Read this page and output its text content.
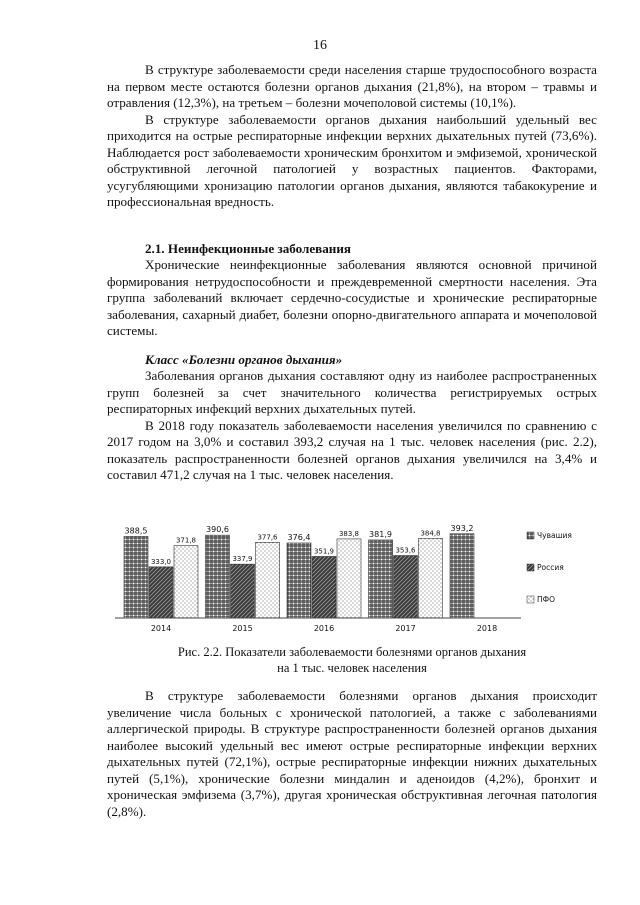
16

В структуре заболеваемости среди населения старше трудоспособного возраста на первом месте остаются болезни органов дыхания (21,8%), на втором – травмы и отравления (12,3%), на третьем – болезни мочеполовой системы (10,1%).

В структуре заболеваемости органов дыхания наибольший удельный вес приходится на острые респираторные инфекции верхних дыхательных путей (73,6%). Наблюдается рост заболеваемости хроническим бронхитом и эмфиземой, хронической обструктивной легочной патологией у возрастных пациентов. Факторами, усугубляющими хронизацию патологии органов дыхания, являются табакокурение и профессиональная вредность.

2.1. Неинфекционные заболевания

Хронические неинфекционные заболевания являются основной причиной формирования нетрудоспособности и преждевременной смертности населения. Эта группа заболеваний включает сердечно-сосудистые и хронические респираторные заболевания, сахарный диабет, болезни опорно-двигательного аппарата и мочеполовой системы.

Класс «Болезни органов дыхания»

Заболевания органов дыхания составляют одну из наиболее распространенных групп болезней за счет значительного количества регистрируемых острых респираторных инфекций верхних дыхательных путей.

В 2018 году показатель заболеваемости населения увеличился по сравнению с 2017 годом на 3,0% и составил 393,2 случая на 1 тыс. человек населения (рис. 2.2), показатель распространенности болезней органов дыхания увеличился на 3,4% и составил 471,2 случая на 1 тыс. человек населения.

388,5
333,0
371,8
390,6
337,9
377,6 376,4
351,9
383,8 381,9
353,6
384,8
393,2
2014	2015	2016	2017	2018
Чувашия
Россия
ПФО
Рис. 2.2. Показатели заболеваемости болезнями органов дыхания
на 1 тыс. человек населения

В структуре заболеваемости болезнями органов дыхания происходит увеличение числа больных с хронической патологией, а также с заболеваниями аллергической природы. В структуре распространенности болезней органов дыхания наиболее высокий удельный вес имеют острые респираторные инфекции верхних дыхательных путей (72,1%), острые респираторные инфекции нижних дыхательных путей (5,1%), хронические болезни миндалин и аденоидов (4,2%), бронхит и хроническая эмфизема (3,7%), другая хроническая обструктивная легочная патология (2,8%).
